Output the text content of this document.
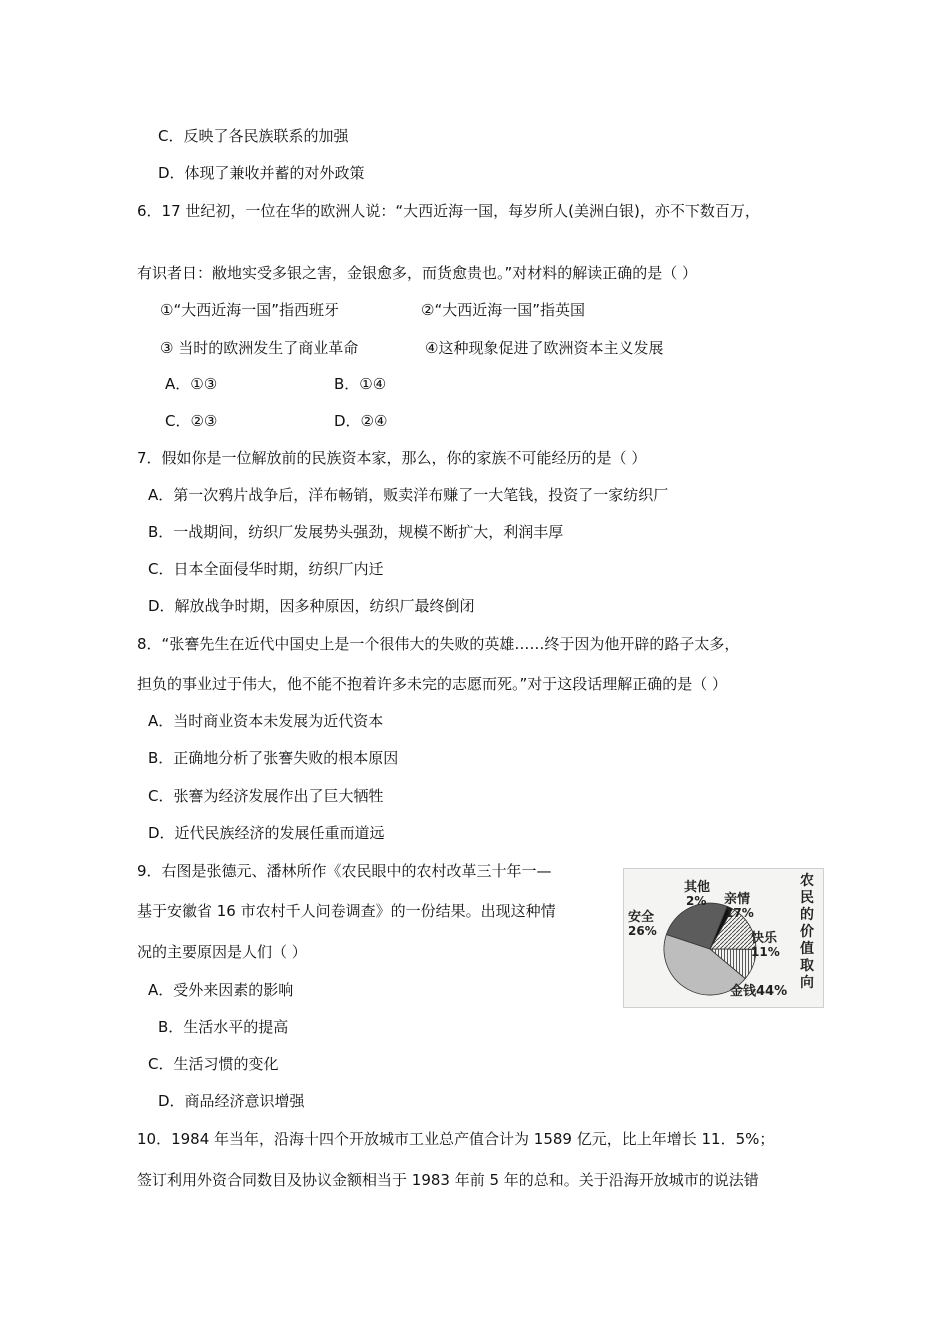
C．反映了各民族联系的加强
D．体现了兼收并蓄的对外政策
6．17 世纪初，一位在华的欧洲人说：“大西近海一国，每岁所人(美洲白银)，亦不下数百万，
有识者日：敝地实受多银之害，金银愈多，而货愈贵也。”对材料的解读正确的是（ ）
①“大西近海一国”指西班牙	②“大西近海一国”指英国
③ 当时的欧洲发生了商业革命	④这种现象促进了欧洲资本主义发展
A．①③	B．①④
C．②③	D．②④
7．假如你是一位解放前的民族资本家，那么，你的家族不可能经历的是（ ）
A．第一次鸦片战争后，洋布畅销，贩卖洋布赚了一大笔钱，投资了一家纺织厂
B．一战期间，纺织厂发展势头强劲，规模不断扩大，利润丰厚
C．日本全面侵华时期，纺织厂内迁
D．解放战争时期，因多种原因，纺织厂最终倒闭
8．“张謇先生在近代中国史上是一个很伟大的失败的英雄……终于因为他开辟的路子太多，
担负的事业过于伟大，他不能不抱着许多未完的志愿而死。”对于这段话理解正确的是（ ）
A．当时商业资本未发展为近代资本
B．正确地分析了张謇失败的根本原因
C．张謇为经济发展作出了巨大牺牲
D．近代民族经济的发展任重而道远
9．右图是张德元、潘林所作《农民眼中的农村改革三十年一—
基于安徽省 16 市农村千人问卷调查》的一份结果。出现这种情
况的主要原因是人们（ ）
A．受外来因素的影响
B．生活水平的提高
C．生活习惯的变化
D．商品经济意识增强
10．1984 年当年，沿海十四个开放城市工业总产值合计为 1589 亿元，比上年增长 11．5%；
签订利用外资合同数目及协议金额相当于 1983 年前 5 年的总和。关于沿海开放城市的说法错
其他
2% 亲情
17%
安全
26%	快乐
11%
金钱44%
农
民
的
价
值
取
向
